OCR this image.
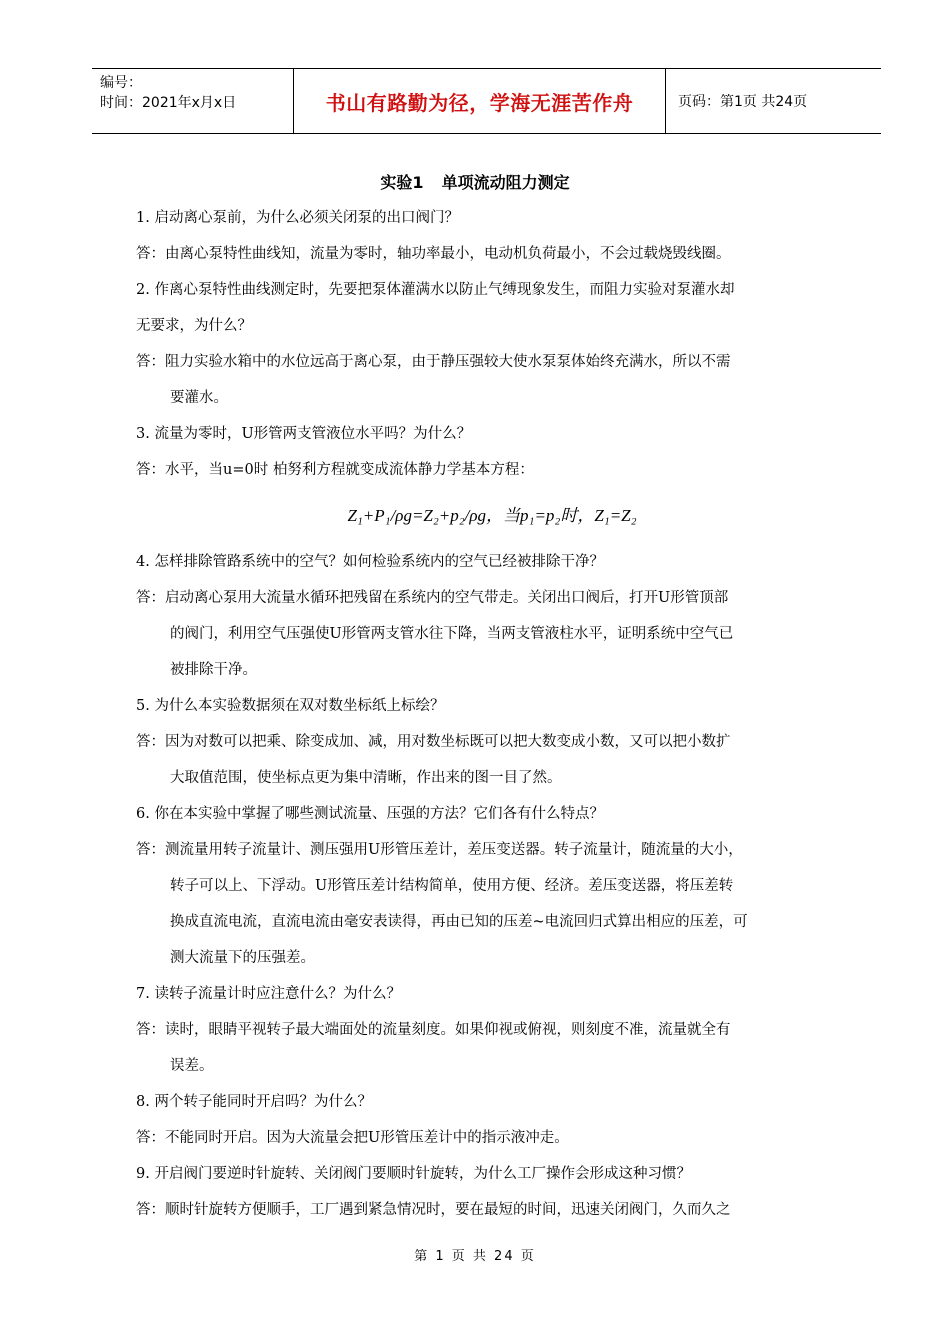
编号：
时间：2021年x月x日	书山有路勤为径，学海无涯苦作舟	页码：第1页 共24页
实验1 单项流动阻力测定
1. 启动离心泵前，为什么必须关闭泵的出口阀门？
答：由离心泵特性曲线知，流量为零时，轴功率最小，电动机负荷最小，不会过载烧毁线圈。
2. 作离心泵特性曲线测定时，先要把泵体灌满水以防止气缚现象发生，而阻力实验对泵灌水却
无要求，为什么？
答：阻力实验水箱中的水位远高于离心泵，由于静压强较大使水泵泵体始终充满水，所以不需
要灌水。
3. 流量为零时，U形管两支管液位水平吗？为什么？
答：水平，当u=0时 柏努利方程就变成流体静力学基本方程：
Z₁+P₁/ρg=Z₂+p₂/ρg，当p₁=p₂时，Z₁=Z₂
4. 怎样排除管路系统中的空气？如何检验系统内的空气已经被排除干净？
答：启动离心泵用大流量水循环把残留在系统内的空气带走。关闭出口阀后，打开U形管顶部
的阀门，利用空气压强使U形管两支管水往下降，当两支管液柱水平，证明系统中空气已
被排除干净。
5. 为什么本实验数据须在双对数坐标纸上标绘？
答：因为对数可以把乘、除变成加、减，用对数坐标既可以把大数变成小数，又可以把小数扩
大取值范围，使坐标点更为集中清晰，作出来的图一目了然。
6. 你在本实验中掌握了哪些测试流量、压强的方法？它们各有什么特点？
答：测流量用转子流量计、测压强用U形管压差计，差压变送器。转子流量计，随流量的大小，
转子可以上、下浮动。U形管压差计结构简单，使用方便、经济。差压变送器，将压差转
换成直流电流，直流电流由毫安表读得，再由已知的压差~电流回归式算出相应的压差，可
测大流量下的压强差。
7. 读转子流量计时应注意什么？为什么？
答：读时，眼睛平视转子最大端面处的流量刻度。如果仰视或俯视，则刻度不准，流量就全有
误差。
8. 两个转子能同时开启吗？为什么？
答：不能同时开启。因为大流量会把U形管压差计中的指示液冲走。
9. 开启阀门要逆时针旋转、关闭阀门要顺时针旋转，为什么工厂操作会形成这种习惯？
答：顺时针旋转方便顺手，工厂遇到紧急情况时，要在最短的时间，迅速关闭阀门，久而久之
第 1 页 共 24 页
